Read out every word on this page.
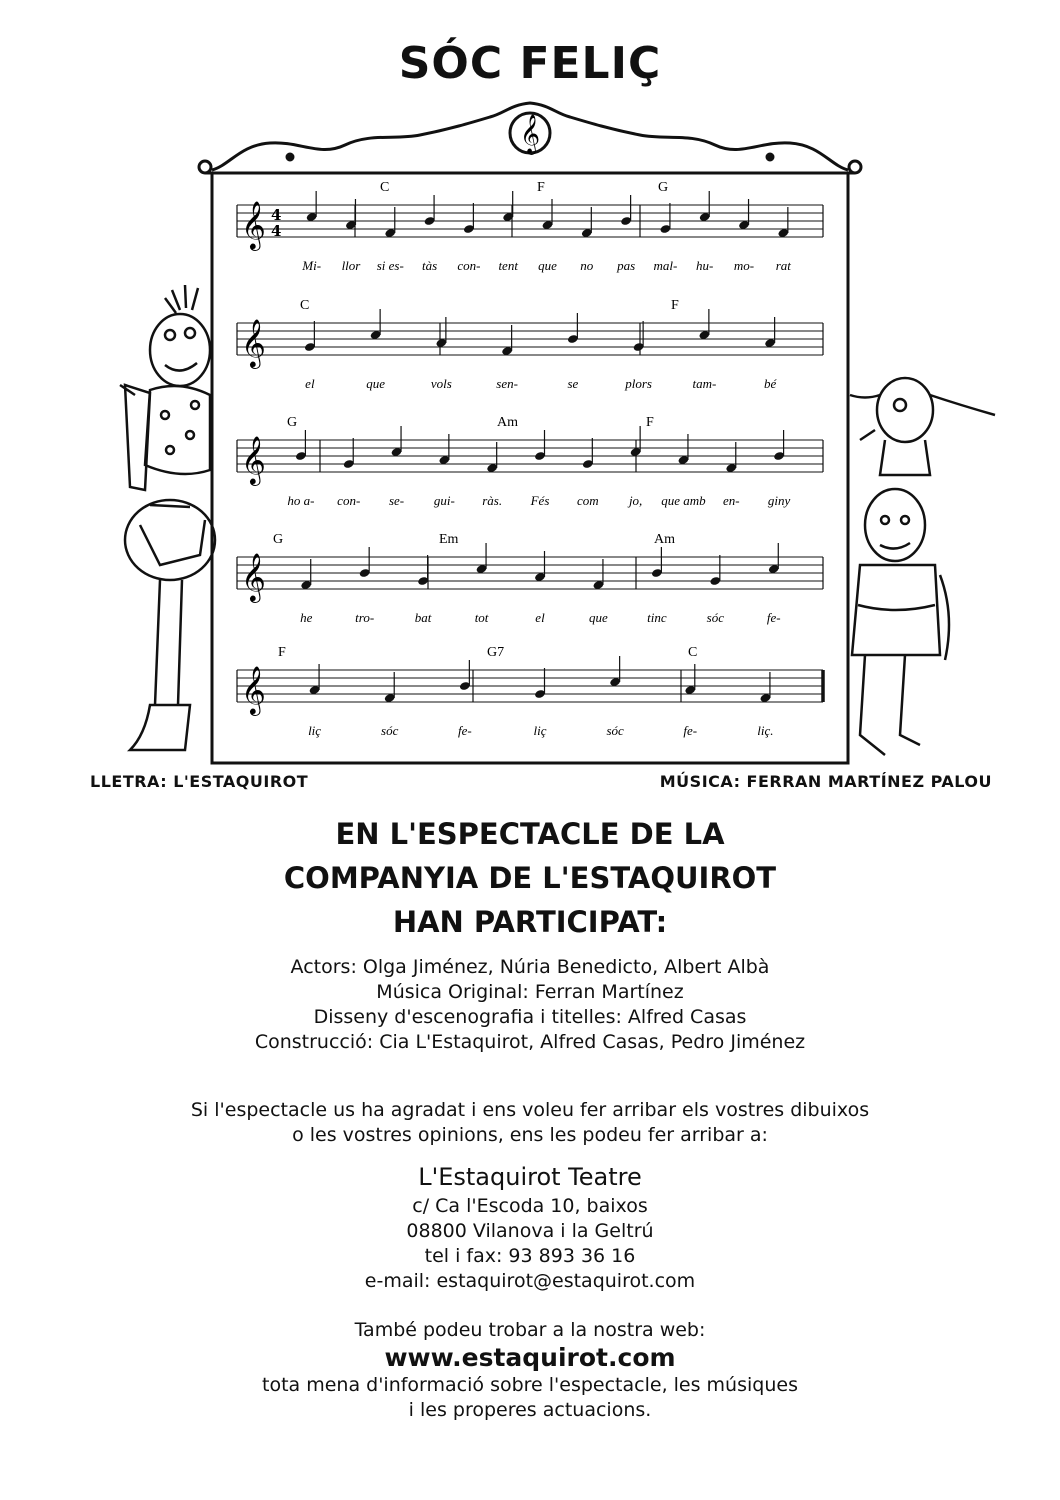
SÓC FELIÇ
𝄞
𝄞
Mi- llor si es- tàs con- tent que no pas mal- hu- mo- rat
C	F	G
4
4
𝄞
el	que	vols	sen-	se	plors	tam-	bé
C	F
𝄞
ho a- con- se- gui- ràs. Fés com jo, que amb en- giny
G	Am	F
𝄞
he	tro-	bat	tot	el	que	tinc	sóc	fe-
G	Em	Am
𝄞
liç	sóc	fe-	liç	sóc	fe-	liç.
F	G7	C
LLETRA: L'ESTAQUIROT	MÚSICA: FERRAN MARTÍNEZ PALOU
EN L'ESPECTACLE DE LA
COMPANYIA DE L'ESTAQUIROT
HAN PARTICIPAT:
Actors: Olga Jiménez, Núria Benedicto, Albert Albà
Música Original: Ferran Martínez
Disseny d'escenografia i titelles: Alfred Casas
Construcció: Cia L'Estaquirot, Alfred Casas, Pedro Jiménez
Si l'espectacle us ha agradat i ens voleu fer arribar els vostres dibuixos
o les vostres opinions, ens les podeu fer arribar a:
L'Estaquirot Teatre
c/ Ca l'Escoda 10, baixos
08800 Vilanova i la Geltrú
tel i fax: 93 893 36 16
e-mail: estaquirot@estaquirot.com
També podeu trobar a la nostra web:
www.estaquirot.com
tota mena d'informació sobre l'espectacle, les músiques
i les properes actuacions.
